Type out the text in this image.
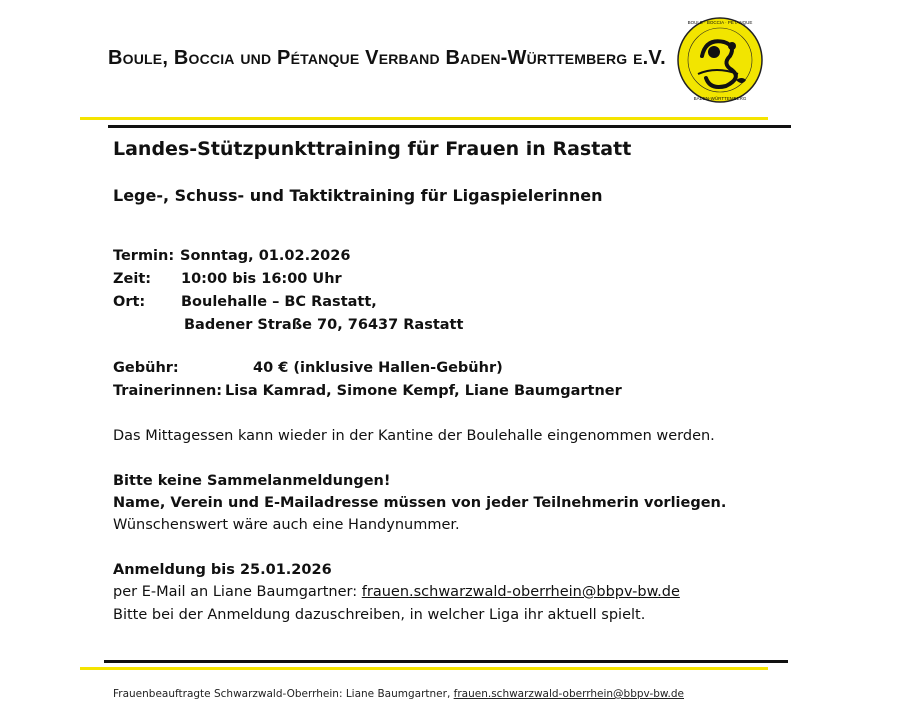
Boule, Boccia und Pétanque Verband Baden-Württemberg e.V.
BOULE · BOCCIA · PÉTANQUE
BADEN-WÜRTTEMBERG
Landes-Stützpunkttraining für Frauen in Rastatt
Lege-, Schuss- und Taktiktraining für Ligaspielerinnen
Termin: Sonntag, 01.02.2026
Zeit: 10:00 bis 16:00 Uhr
Ort: Boulehalle – BC Rastatt,
Badener Straße 70, 76437 Rastatt
Gebühr:	40 € (inklusive Hallen-Gebühr)
Trainerinnen: Lisa Kamrad, Simone Kempf, Liane Baumgartner
Das Mittagessen kann wieder in der Kantine der Boulehalle eingenommen werden.
Bitte keine Sammelanmeldungen!
Name, Verein und E-Mailadresse müssen von jeder Teilnehmerin vorliegen.
Wünschenswert wäre auch eine Handynummer.
Anmeldung bis 25.01.2026
per E-Mail an Liane Baumgartner: frauen.schwarzwald-oberrhein@bbpv-bw.de
Bitte bei der Anmeldung dazuschreiben, in welcher Liga ihr aktuell spielt.
Frauenbeauftragte Schwarzwald-Oberrhein: Liane Baumgartner, frauen.schwarzwald-oberrhein@bbpv-bw.de
